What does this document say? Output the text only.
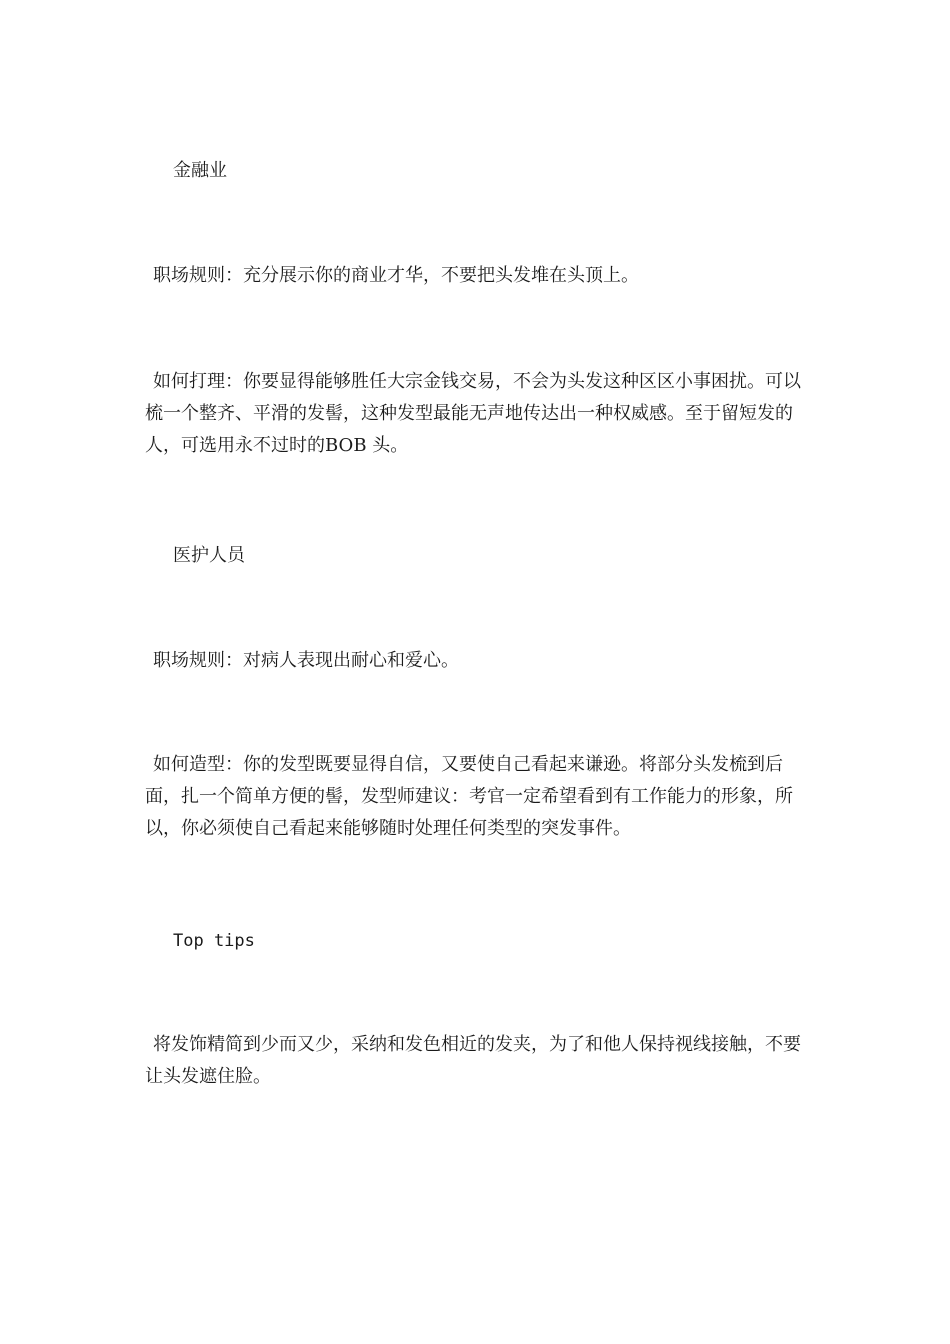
金融业

职场规则：充分展示你的商业才华，不要把头发堆在头顶上。

如何打理：你要显得能够胜任大宗金钱交易，不会为头发这种区区小事困扰。可以梳一个整齐、平滑的发髻，这种发型最能无声地传达出一种权威感。至于留短发的人，可选用永不过时的BOB 头。

医护人员

职场规则：对病人表现出耐心和爱心。

如何造型：你的发型既要显得自信，又要使自己看起来谦逊。将部分头发梳到后面，扎一个简单方便的髻，发型师建议：考官一定希望看到有工作能力的形象，所以，你必须使自己看起来能够随时处理任何类型的突发事件。

Top tips

将发饰精简到少而又少，采纳和发色相近的发夹，为了和他人保持视线接触，不要让头发遮住脸。
